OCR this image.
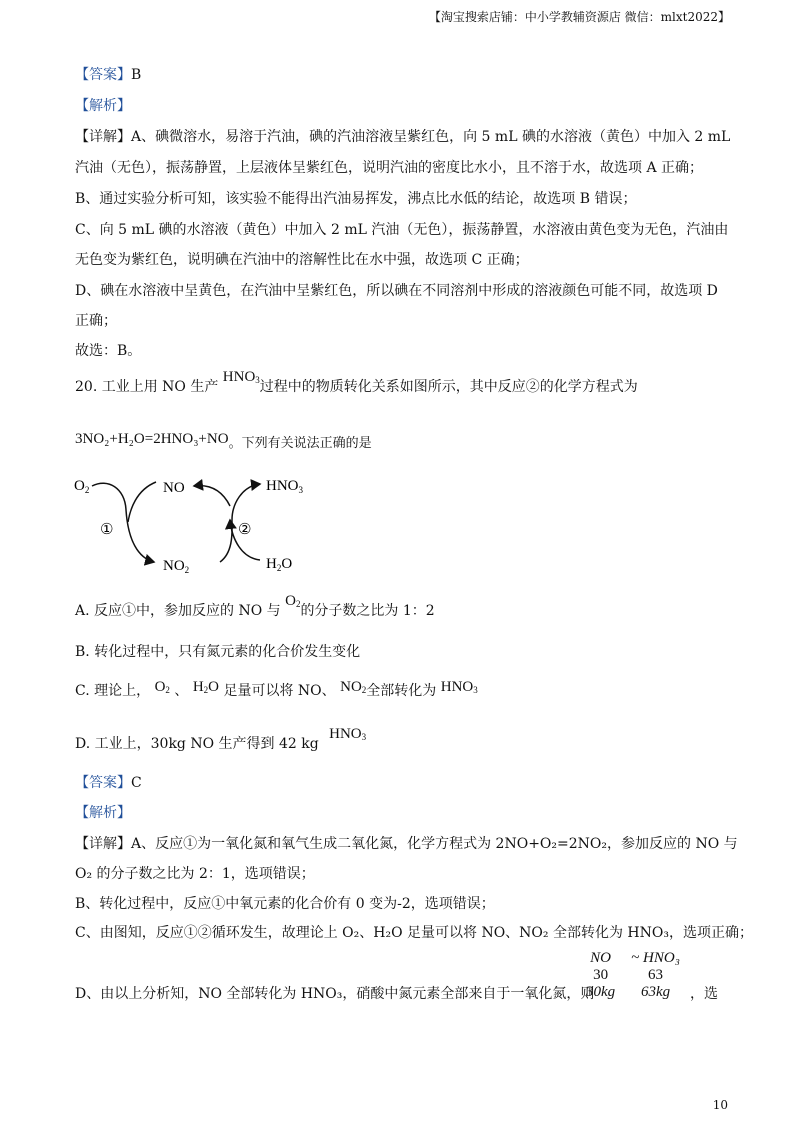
【淘宝搜索店铺：中小学教辅资源店 微信：mlxt2022】
【答案】B
【解析】
【详解】A、碘微溶水，易溶于汽油，碘的汽油溶液呈紫红色，向 5 mL 碘的水溶液（黄色）中加入 2 mL
汽油（无色），振荡静置，上层液体呈紫红色，说明汽油的密度比水小，且不溶于水，故选项 A 正确；
B、通过实验分析可知，该实验不能得出汽油易挥发，沸点比水低的结论，故选项 B 错误；
C、向 5 mL 碘的水溶液（黄色）中加入 2 mL 汽油（无色），振荡静置，水溶液由黄色变为无色，汽油由
无色变为紫红色，说明碘在汽油中的溶解性比在水中强，故选项 C 正确；
D、碘在水溶液中呈黄色，在汽油中呈紫红色，所以碘在不同溶剂中形成的溶液颜色可能不同，故选项 D
正确；
故选：B。
20. 工业上用 NO 生产 $HNO_3$过程中的物质转化关系如图所示，其中反应②的化学方程式为
3NO₂+H₂O=2HNO₃+NO。下列有关说法正确的是
$O_2$	NO	$HNO_3$
$NO_2$	$H_2O$
①	②
A. 反应①中，参加反应的 NO 与 $O_2$的分子数之比为 1：2
B. 转化过程中，只有氮元素的化合价发生变化
C. 理论上， $O_2$ 、 $H_2O$ 足量可以将 NO、 $NO_2$全部转化为 $HNO_3$
D. 工业上，30kg NO 生产得到 42 kg $HNO_3$
【答案】C
【解析】
【详解】A、反应①为一氧化氮和氧气生成二氧化氮，化学方程式为 2NO+O₂=2NO₂，参加反应的 NO 与
O₂ 的分子数之比为 2：1，选项错误；
B、转化过程中，反应①中氧元素的化合价有 0 变为-2，选项错误；
C、由图知，反应①②循环发生，故理论上 O₂、H₂O 足量可以将 NO、NO₂ 全部转化为 HNO₃，选项正确；
D、由以上分析知，NO 全部转化为 HNO₃，硝酸中氮元素全部来自于一氧化氮，则
NO	~ HNO₃
30	63
30kg	63kg ，选
10
